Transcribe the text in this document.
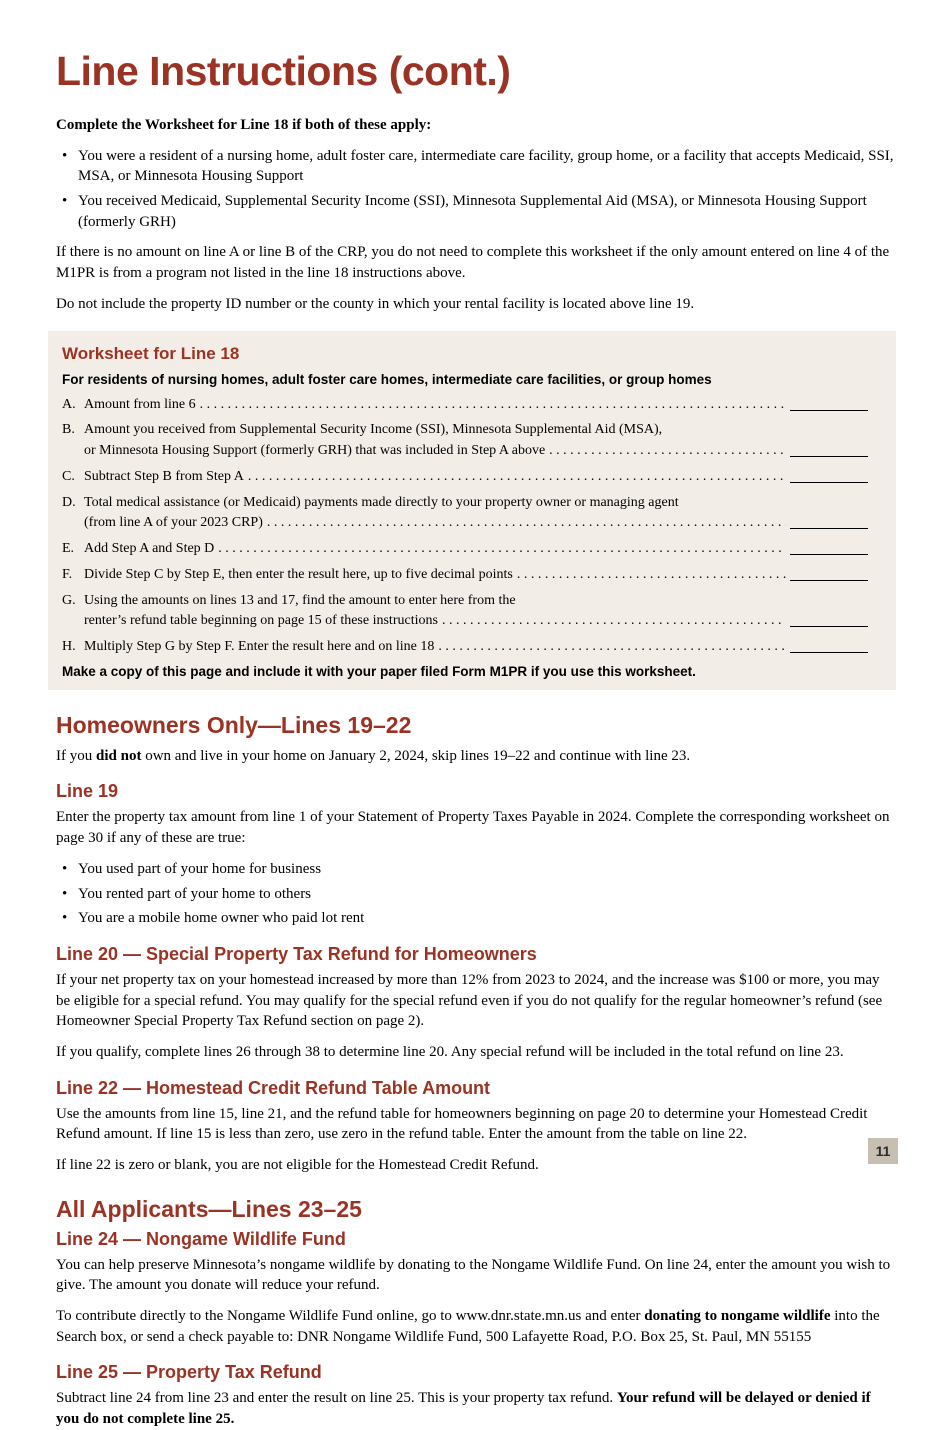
Line Instructions (cont.)

Complete the Worksheet for Line 18 if both of these apply:

•
You were a resident of a nursing home, adult foster care, intermediate care facility, group home, or a facility that accepts Medicaid, SSI, MSA, or Minnesota Housing Support
•
You received Medicaid, Supplemental Security Income (SSI), Minnesota Supplemental Aid (MSA), or Minnesota Housing Support (formerly GRH)

If there is no amount on line A or line B of the CRP, you do not need to complete this worksheet if the only amount entered on line 4 of the M1PR is from a program not listed in the line 18 instructions above.

Do not include the property ID number or the county in which your rental facility is located above line 19.

Worksheet for Line 18
For residents of nursing homes, adult foster care homes, intermediate care facilities, or group homes
A. Amount from line 6
. . .
B. Amount you received from Supplemental Security Income (SSI), Minnesota Supplemental Aid (MSA),
or Minnesota Housing Support (formerly GRH) that was included in Step A above
. . .
C. Subtract Step B from Step A
. . .
D. Total medical assistance (or Medicaid) payments made directly to your property owner or managing agent
(from line A of your 2023 CRP)
. . .
E. Add Step A and Step D
. . .
F. Divide Step C by Step E, then enter the result here, up to five decimal points
. . .
G. Using the amounts on lines 13 and 17, find the amount to enter here from the
renter’s refund table beginning on page 15 of these instructions
. . .
H. Multiply Step G by Step F. Enter the result here and on line 18
. . .
Make a copy of this page and include it with your paper filed Form M1PR if you use this worksheet.
Homeowners Only—Lines 19–22

If you did not own and live in your home on January 2, 2024, skip lines 19–22 and continue with line 23.

Line 19

Enter the property tax amount from line 1 of your Statement of Property Taxes Payable in 2024. Complete the corresponding worksheet on page 30 if any of these are true:

•
You used part of your home for business
•
You rented part of your home to others
•
You are a mobile home owner who paid lot rent
Line 20 — Special Property Tax Refund for Homeowners

If your net property tax on your homestead increased by more than 12% from 2023 to 2024, and the increase was $100 or more, you may be eligible for a special refund. You may qualify for the special refund even if you do not qualify for the regular homeowner’s refund (see Homeowner Special Property Tax Refund section on page 2).

If you qualify, complete lines 26 through 38 to determine line 20. Any special refund will be included in the total refund on line 23.

Line 22 — Homestead Credit Refund Table Amount

Use the amounts from line 15, line 21, and the refund table for homeowners beginning on page 20 to determine your Homestead Credit Refund amount. If line 15 is less than zero, use zero in the refund table. Enter the amount from the table on line 22.

If line 22 is zero or blank, you are not eligible for the Homestead Credit Refund.

All Applicants—Lines 23–25
Line 24 — Nongame Wildlife Fund

You can help preserve Minnesota’s nongame wildlife by donating to the Nongame Wildlife Fund. On line 24, enter the amount you wish to give. The amount you donate will reduce your refund.

To contribute directly to the Nongame Wildlife Fund online, go to www.dnr.state.mn.us and enter donating to nongame wildlife into the Search box, or send a check payable to: DNR Nongame Wildlife Fund, 500 Lafayette Road, P.O. Box 25, St. Paul, MN 55155

Line 25 — Property Tax Refund

Subtract line 24 from line 23 and enter the result on line 25. This is your property tax refund. Your refund will be delayed or denied if you do not complete line 25.

11
